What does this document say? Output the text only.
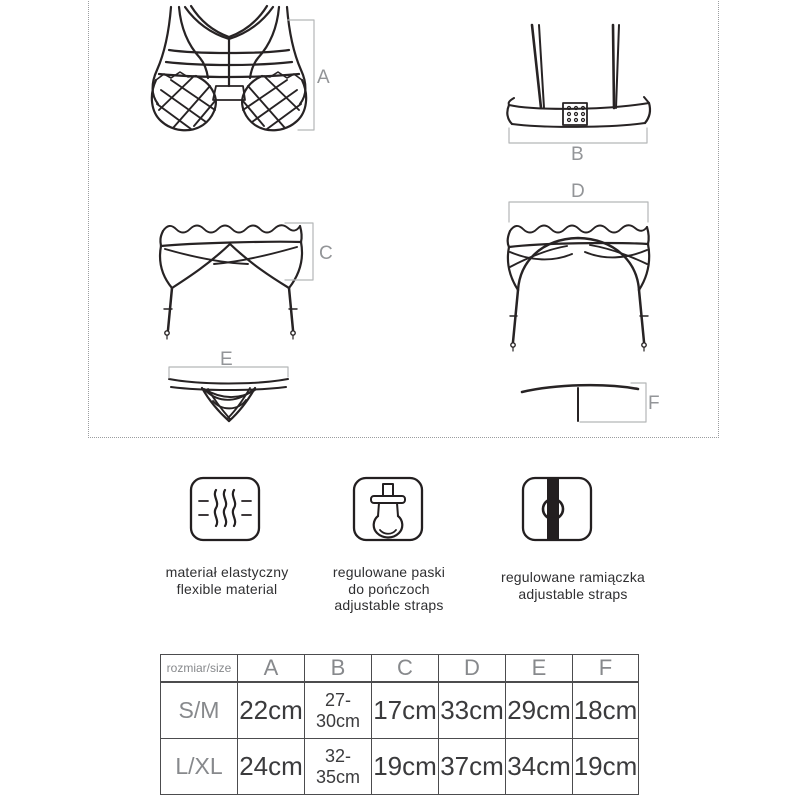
A
B
C
D
E
F
materiał elastyczny
flexible material
regulowane paski
do pończoch
adjustable straps
regulowane ramiączka
adjustable straps
rozmiar/size	A	B	C	D	E	F
S/M	22cm	27-30cm	17cm	33cm	29cm	18cm
L/XL	24cm	32-35cm	19cm	37cm	34cm	19cm
